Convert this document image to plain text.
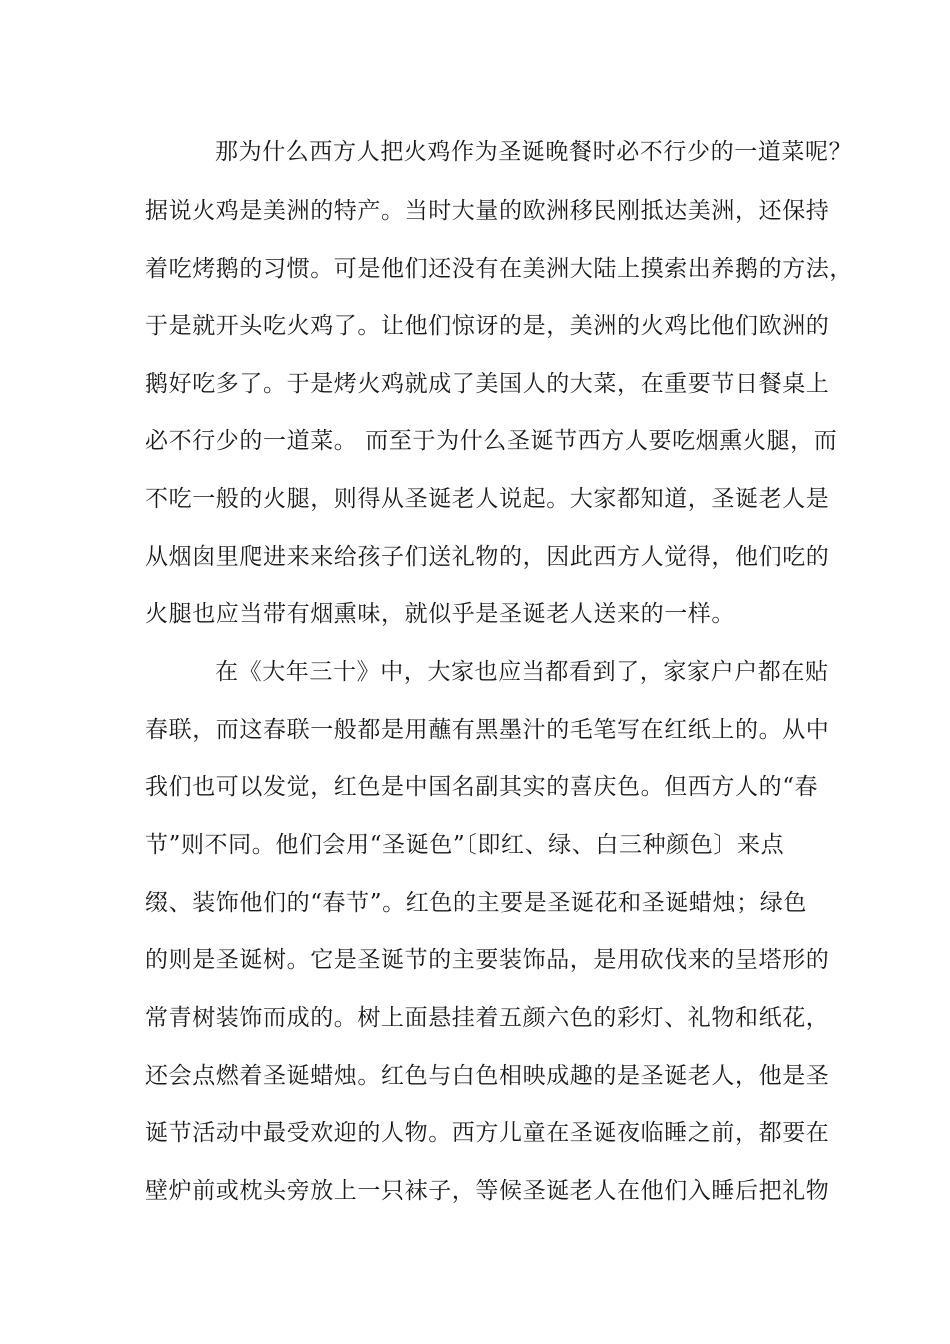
那为什么西方人把火鸡作为圣诞晚餐时必不行少的一道菜呢？
据说火鸡是美洲的特产。当时大量的欧洲移民刚抵达美洲，还保持
着吃烤鹅的习惯。可是他们还没有在美洲大陆上摸索出养鹅的方法，
于是就开头吃火鸡了。让他们惊讶的是，美洲的火鸡比他们欧洲的
鹅好吃多了。于是烤火鸡就成了美国人的大菜，在重要节日餐桌上
必不行少的一道菜。 而至于为什么圣诞节西方人要吃烟熏火腿，而
不吃一般的火腿，则得从圣诞老人说起。大家都知道，圣诞老人是
从烟囱里爬进来来给孩子们送礼物的，因此西方人觉得，他们吃的
火腿也应当带有烟熏味，就似乎是圣诞老人送来的一样。
在《大年三十》中，大家也应当都看到了，家家户户都在贴
春联，而这春联一般都是用蘸有黑墨汁的毛笔写在红纸上的。从中
我们也可以发觉，红色是中国名副其实的喜庆色。但西方人的“春
节”则不同。他们会用“圣诞色”〔即红、绿、白三种颜色〕来点
缀、装饰他们的“春节”。红色的主要是圣诞花和圣诞蜡烛；绿色
的则是圣诞树。它是圣诞节的主要装饰品，是用砍伐来的呈塔形的
常青树装饰而成的。树上面悬挂着五颜六色的彩灯、礼物和纸花，
还会点燃着圣诞蜡烛。红色与白色相映成趣的是圣诞老人，他是圣
诞节活动中最受欢迎的人物。西方儿童在圣诞夜临睡之前，都要在
壁炉前或枕头旁放上一只袜子，等候圣诞老人在他们入睡后把礼物
